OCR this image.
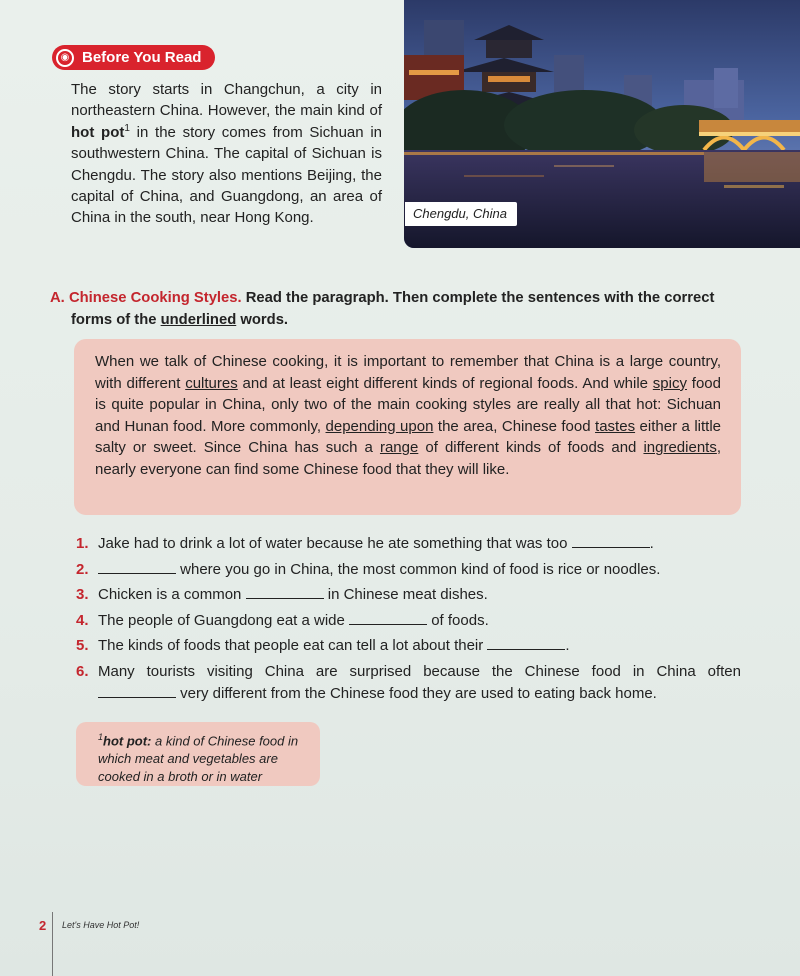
◉ Before You Read
The story starts in Changchun, a city in northeastern China. However, the main kind of hot pot$^1$ in the story comes from Sichuan in southwestern China. The capital of Sichuan is Chengdu. The story also mentions Beijing, the capital of China, and Guangdong, an area of China in the south, near Hong Kong.	Chengdu, China
A. Chinese Cooking Styles. Read the paragraph. Then complete the sentences with the correct
forms of the underlined words.
When we talk of Chinese cooking, it is important to remember that China is a large country, with different cultures and at least eight different kinds of regional foods. And while spicy food is quite popular in China, only two of the main cooking styles are really all that hot: Sichuan and Hunan food. More commonly, depending upon the area, Chinese food tastes either a little salty or sweet. Since China has such a range of different kinds of foods and ingredients, nearly everyone can find some Chinese food that they will like.
1. Jake had to drink a lot of water because he ate something that was too	.
2.	where you go in China, the most common kind of food is rice or noodles.
3. Chicken is a common	in Chinese meat dishes.
4. The people of Guangdong eat a wide	of foods.
5. The kinds of foods that people eat can tell a lot about their	.
6. Many tourists visiting China are surprised because the Chinese food in China often
very different from the Chinese food they are used to eating back home.
$^1$hot pot: a kind of Chinese food in which meat and vegetables are cooked in a broth or in water
2 Let's Have Hot Pot!
